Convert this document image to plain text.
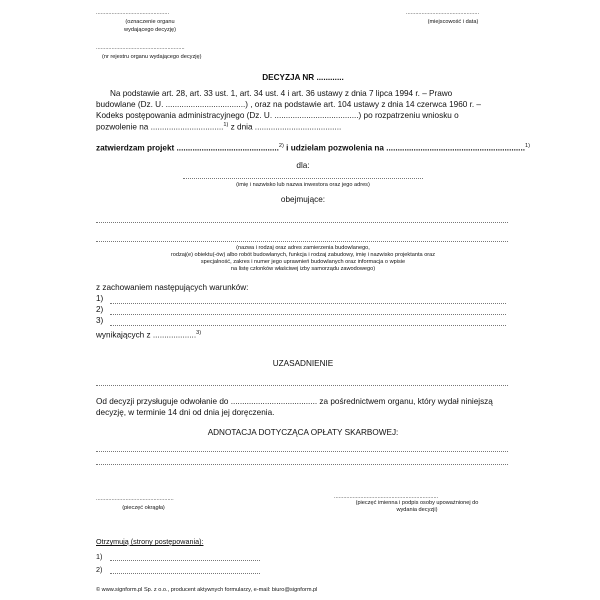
...............................................
(oznaczenie organu
wydającego decyzję)
...............................................
(miejscowość i data)
.........................................................
(nr rejestru organu wydającego decyzję)
DECYZJA NR ............
Na podstawie art. 28, art. 33 ust. 1, art. 34 ust. 4 i art. 36 ustawy z dnia 7 lipca 1994 r. – Prawo
budowlane (Dz. U. ...................................) , oraz na podstawie art. 104 ustawy z dnia 14 czerwca 1960 r. –
Kodeks postępowania administracyjnego (Dz. U. .....................................) po rozpatrzeniu wniosku o
pozwolenie na ................................$^{1)}$ z dnia ......................................
zatwierdzam projekt .............................................$^{2)}$ i udzielam pozwolenia na .............................................................$^{1)}$
dla:
(imię i nazwisko lub nazwa inwestora oraz jego adres)
obejmujące:
(nazwa i rodzaj oraz adres zamierzenia budowlanego,
rodzaj(e) obiektu(-ów) albo robót budowlanych, funkcja i rodzaj zabudowy, imię i nazwisko projektanta oraz
specjalność, zakres i numer jego uprawnień budowlanych oraz informacja o wpisie
na listę członków właściwej izby samorządu zawodowego)
z zachowaniem następujących warunków:
1)
2)
3)
wynikających z ...................$^{3)}$
UZASADNIENIE
Od decyzji przysługuje odwołanie do ...................................... za pośrednictwem organu, który wydał niniejszą
decyzję, w terminie 14 dni od dnia jej doręczenia.
ADNOTACJA DOTYCZĄCA OPŁATY SKARBOWEJ:
..................................................
(pieczęć okrągła)
...................................................................
(pieczęć imienna i podpis osoby upoważnionej do
wydania decyzji)
Otrzymują (strony postępowania):
1)
2)
© www.signform.pl Sp. z o.o., producent aktywnych formularzy, e-mail: biuro@signform.pl
